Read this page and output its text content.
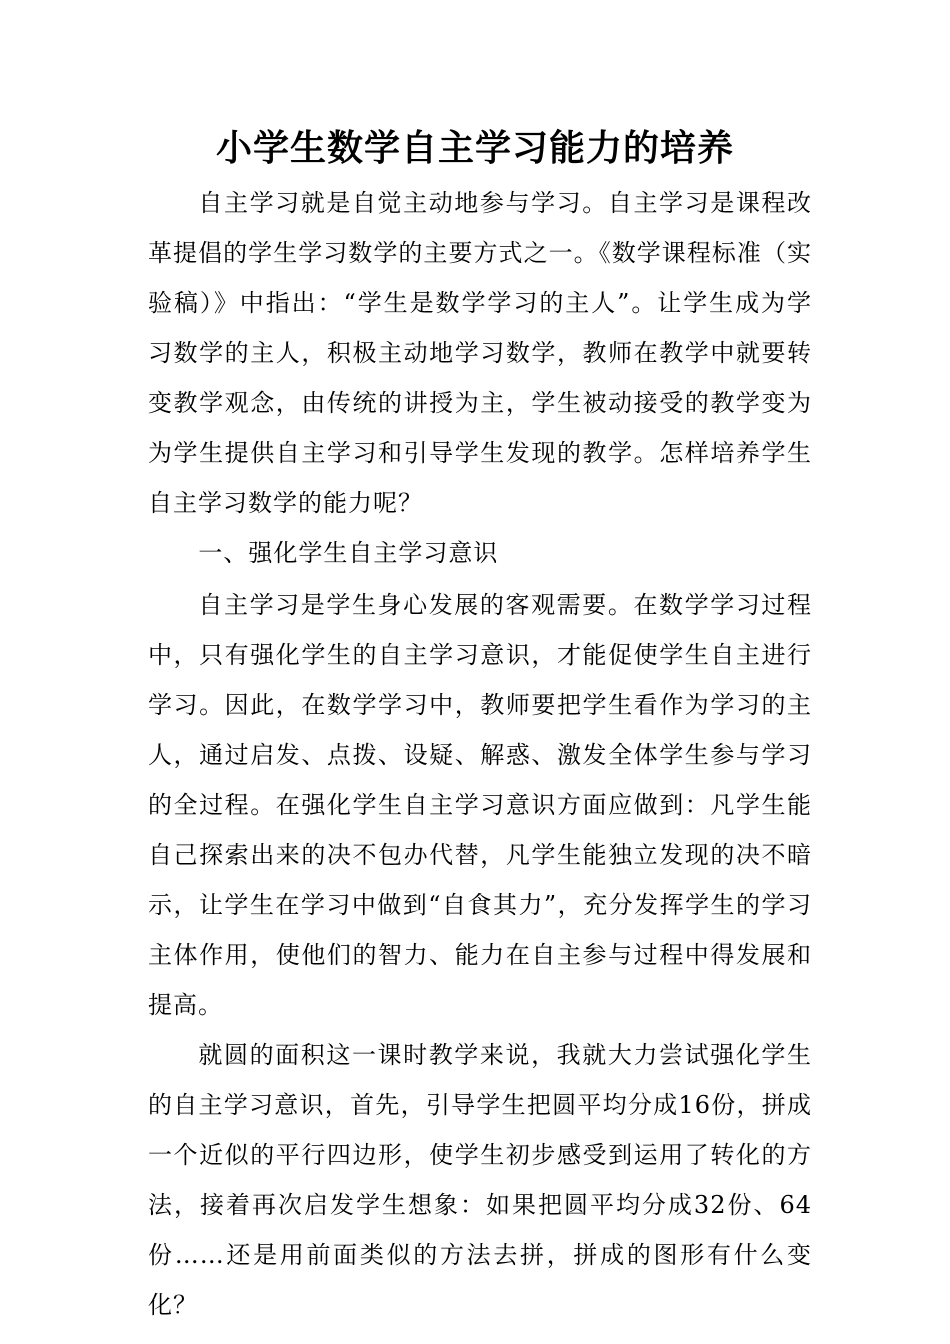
小学生数学自主学习能力的培养

自主学习就是自觉主动地参与学习。自主学习是课程改革提倡的学生学习数学的主要方式之一。《数学课程标准（实验稿）》中指出：“学生是数学学习的主人”。让学生成为学习数学的主人，积极主动地学习数学，教师在教学中就要转变教学观念，由传统的讲授为主，学生被动接受的教学变为为学生提供自主学习和引导学生发现的教学。怎样培养学生自主学习数学的能力呢？

一、强化学生自主学习意识

自主学习是学生身心发展的客观需要。在数学学习过程中，只有强化学生的自主学习意识，才能促使学生自主进行学习。因此，在数学学习中，教师要把学生看作为学习的主人，通过启发、点拨、设疑、解惑、激发全体学生参与学习的全过程。在强化学生自主学习意识方面应做到：凡学生能自己探索出来的决不包办代替，凡学生能独立发现的决不暗示，让学生在学习中做到“自食其力”，充分发挥学生的学习主体作用，使他们的智力、能力在自主参与过程中得发展和提高。

就圆的面积这一课时教学来说，我就大力尝试强化学生的自主学习意识，首先，引导学生把圆平均分成16份，拼成一个近似的平行四边形，使学生初步感受到运用了转化的方法，接着再次启发学生想象：如果把圆平均分成32份、64份……还是用前面类似的方法去拼，拼成的图形有什么变化？
